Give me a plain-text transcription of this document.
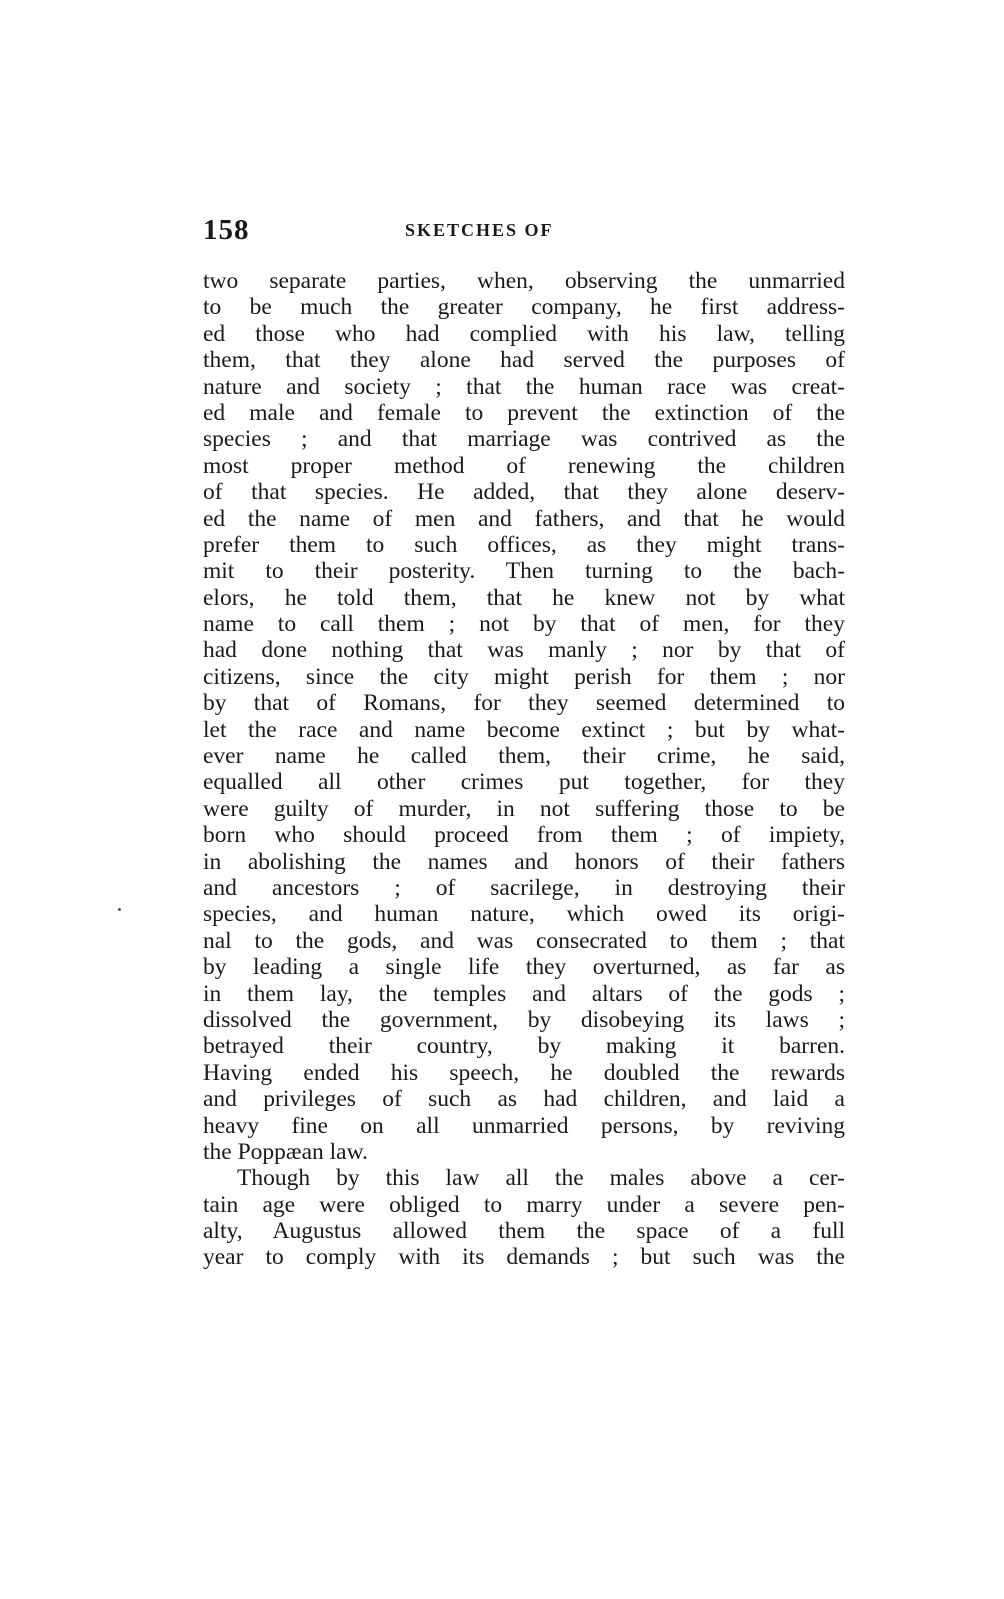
158	SKETCHES OF
two separate parties, when, observing the unmarried
to be much the greater company, he first address-
ed those who had complied with his law, telling
them, that they alone had served the purposes of
nature and society ; that the human race was creat-
ed male and female to prevent the extinction of the
species ; and that marriage was contrived as the
most proper method of renewing the children
of that species. He added, that they alone deserv-
ed the name of men and fathers, and that he would
prefer them to such offices, as they might trans-
mit to their posterity. Then turning to the bach-
elors, he told them, that he knew not by what
name to call them ; not by that of men, for they
had done nothing that was manly ; nor by that of
citizens, since the city might perish for them ; nor
by that of Romans, for they seemed determined to
let the race and name become extinct ; but by what-
ever name he called them, their crime, he said,
equalled all other crimes put together, for they
were guilty of murder, in not suffering those to be
born who should proceed from them ; of impiety,
in abolishing the names and honors of their fathers
and ancestors ; of sacrilege, in destroying their
species, and human nature, which owed its origi-
nal to the gods, and was consecrated to them ; that
by leading a single life they overturned, as far as
in them lay, the temples and altars of the gods ;
dissolved the government, by disobeying its laws ;
betrayed their country, by making it barren.
Having ended his speech, he doubled the rewards
and privileges of such as had children, and laid a
heavy fine on all unmarried persons, by reviving
the Poppæan law.
Though by this law all the males above a cer-
tain age were obliged to marry under a severe pen-
alty, Augustus allowed them the space of a full
year to comply with its demands ; but such was the
